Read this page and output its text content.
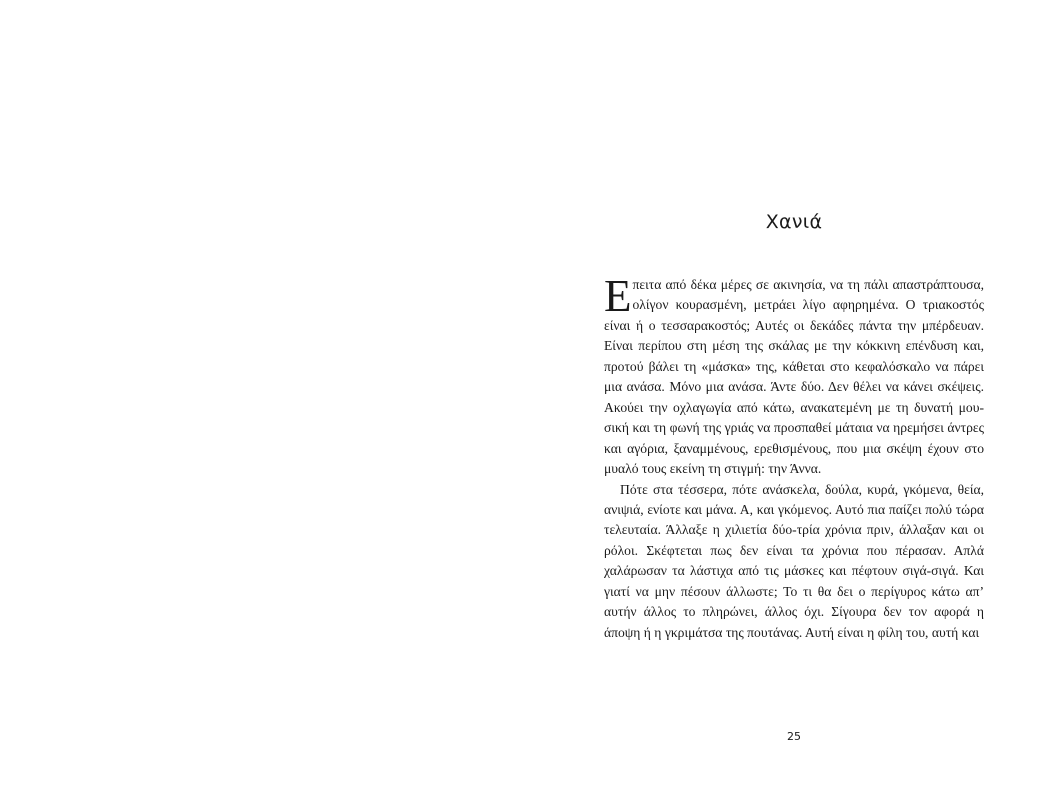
Χανιά

Επειτα από δέκα μέρες σε ακινησία, να τη πάλι απαστράπτουσα, ολίγον κουρασμένη, μετράει λίγο αφηρημένα. Ο τριακοστός είναι ή ο τεσσαρακοστός; Αυτές οι δεκάδες πάντα την μπέρδευαν. Είναι περίπου στη μέση της σκάλας με την κόκκινη επένδυση και, προτού βάλει τη «μάσκα» της, κάθεται στο κεφαλόσκαλο να πάρει μια ανάσα. Μόνο μια ανάσα. Άντε δύο. Δεν θέλει να κάνει σκέψεις. Ακούει την οχλαγωγία από κάτω, ανακατεμένη με τη δυνατή μουσική και τη φωνή της γριάς να προσπαθεί μάταια να ηρεμήσει άντρες και αγόρια, ξαναμμένους, ερεθισμένους, που μια σκέψη έχουν στο μυαλό τους εκείνη τη στιγμή: την Άννα.

Πότε στα τέσσερα, πότε ανάσκελα, δούλα, κυρά, γκόμενα, θεία, ανιψιά, ενίοτε και μάνα. Α, και γκόμενος. Αυτό πια παίζει πολύ τώρα τελευταία. Άλλαξε η χιλιετία δύο-τρία χρόνια πριν, άλλαξαν και οι ρόλοι. Σκέφτεται πως δεν είναι τα χρόνια που πέρασαν. Απλά χαλάρωσαν τα λάστιχα από τις μάσκες και πέφτουν σιγά-σιγά. Και γιατί να μην πέσουν άλλωστε; Το τι θα δει ο περίγυρος κάτω απ’ αυτήν άλλος το πληρώνει, άλλος όχι. Σίγουρα δεν τον αφορά η άποψη ή η γκριμάτσα της πουτάνας. Αυτή είναι η φίλη του, αυτή και

25
